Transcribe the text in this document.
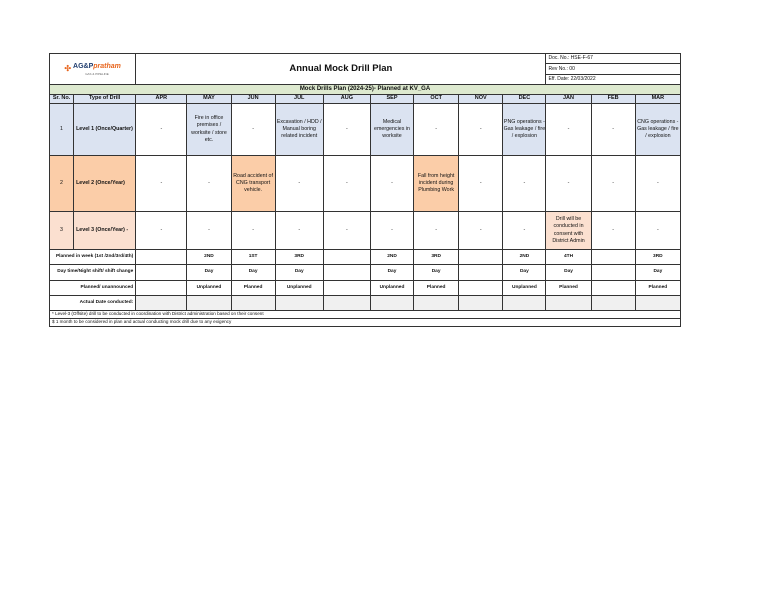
✣ AG&Ppratham
GAS & PIPELINE		Annual Mock Drill Plan									Doc. No.: HSE-F-67		
											Rev No.: 00		
											Eff. Date: 22/03/2022		
Mock Drills Plan (2024-25)- Planned at KV_GA													
Sr. No.	Type of Drill	APR	MAY	JUN	JUL	AUG	SEP	OCT	NOV	DEC	JAN	FEB	MAR
1	Level 1 (Once/Quarter)	-	Fire in office premises / worksite / store etc.	-	Excavation / HDD / Manual boring related incident	-	Medical emergencies in worksite	-	-	PNG operations - Gas leakage / fire / explosion	-	-	CNG operations - Gas leakage / fire / explosion
2	Level 2 (Once/Year)	-	-	Road accident of CNG transport vehicle.	-	-	-	Fall from height incident during Plumbing Work	-	-	-	-	-
3	Level 3 (Once/Year) -	-	-	-	-	-	-	-	-	-	Drill will be conducted in consent with District Admin	-	-
Planned in week (1st /2nd/3rd/4th)			2ND	1ST	3RD		2ND	3RD		2ND	4TH		3RD
Day time/Night shift/ shift change			Day	Day	Day		Day	Day		Day	Day		Day
Planned/ unannounced			Unplanned	Planned	Unplanned		Unplanned	Planned		Unplanned	Planned		Planned
Actual Date conducted:													
* Level-3 (Offsite) drill to be conducted in coordination with District administration based on their consent													
$ 1 month to be considered in plan and actual conducting mock drill due to any exigency													
